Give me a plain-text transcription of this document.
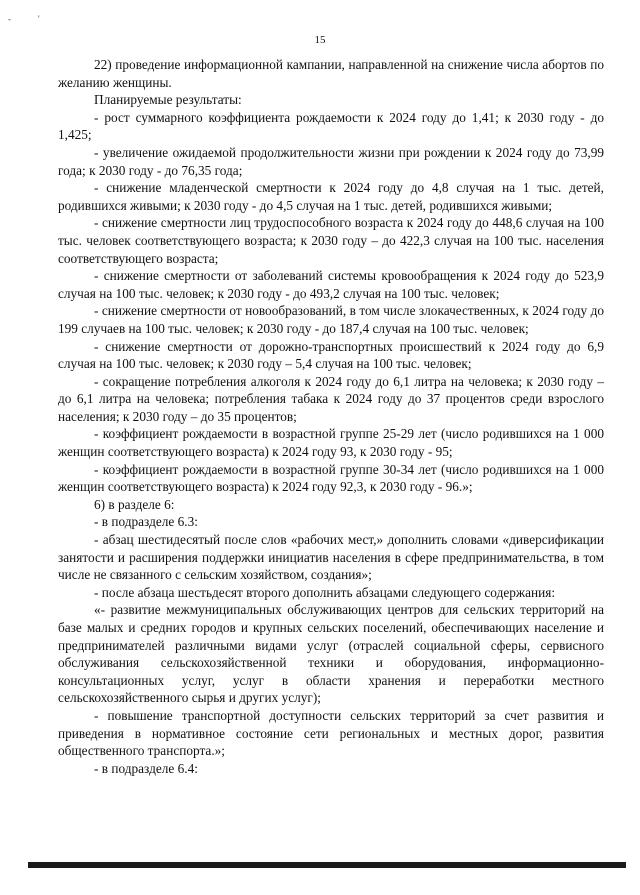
-	'
15

22) проведение информационной кампании, направленной на снижение числа абортов по желанию женщины.

Планируемые результаты:

- рост суммарного коэффициента рождаемости к 2024 году до 1,41; к 2030 году - до 1,425;

- увеличение ожидаемой продолжительности жизни при рождении к 2024 году до 73,99 года; к 2030 году - до 76,35 года;

- снижение младенческой смертности к 2024 году до 4,8 случая на 1 тыс. детей, родившихся живыми; к 2030 году - до 4,5 случая на 1 тыс. детей, родившихся живыми;

- снижение смертности лиц трудоспособного возраста к 2024 году до 448,6 случая на 100 тыс. человек соответствующего возраста; к 2030 году – до 422,3 случая на 100 тыс. населения соответствующего возраста;

- снижение смертности от заболеваний системы кровообращения к 2024 году до 523,9 случая на 100 тыс. человек; к 2030 году - до 493,2 случая на 100 тыс. человек;

- снижение смертности от новообразований, в том числе злокачественных, к 2024 году до 199 случаев на 100 тыс. человек; к 2030 году - до 187,4 случая на 100 тыс. человек;

- снижение смертности от дорожно-транспортных происшествий к 2024 году до 6,9 случая на 100 тыс. человек; к 2030 году – 5,4 случая на 100 тыс. человек;

- сокращение потребления алкоголя к 2024 году до 6,1 литра на человека; к 2030 году – до 6,1 литра на человека; потребления табака к 2024 году до 37 процентов среди взрослого населения; к 2030 году – до 35 процентов;

- коэффициент рождаемости в возрастной группе 25-29 лет (число родившихся на 1 000 женщин соответствующего возраста) к 2024 году 93, к 2030 году - 95;

- коэффициент рождаемости в возрастной группе 30-34 лет (число родившихся на 1 000 женщин соответствующего возраста) к 2024 году 92,3, к 2030 году - 96.»;

6) в разделе 6:

- в подразделе 6.3:

- абзац шестидесятый после слов «рабочих мест,» дополнить словами «диверсификации занятости и расширения поддержки инициатив населения в сфере предпринимательства, в том числе не связанного с сельским хозяйством, создания»;

- после абзаца шестьдесят второго дополнить абзацами следующего содержания:

«- развитие межмуниципальных обслуживающих центров для сельских территорий на базе малых и средних городов и крупных сельских поселений, обеспечивающих население и предпринимателей различными видами услуг (отраслей социальной сферы, сервисного обслуживания сельскохозяйственной техники и оборудования, информационно-консультационных услуг, услуг в области хранения и переработки местного сельскохозяйственного сырья и других услуг);

- повышение транспортной доступности сельских территорий за счет развития и приведения в нормативное состояние сети региональных и местных дорог, развития общественного транспорта.»;

- в подразделе 6.4:
